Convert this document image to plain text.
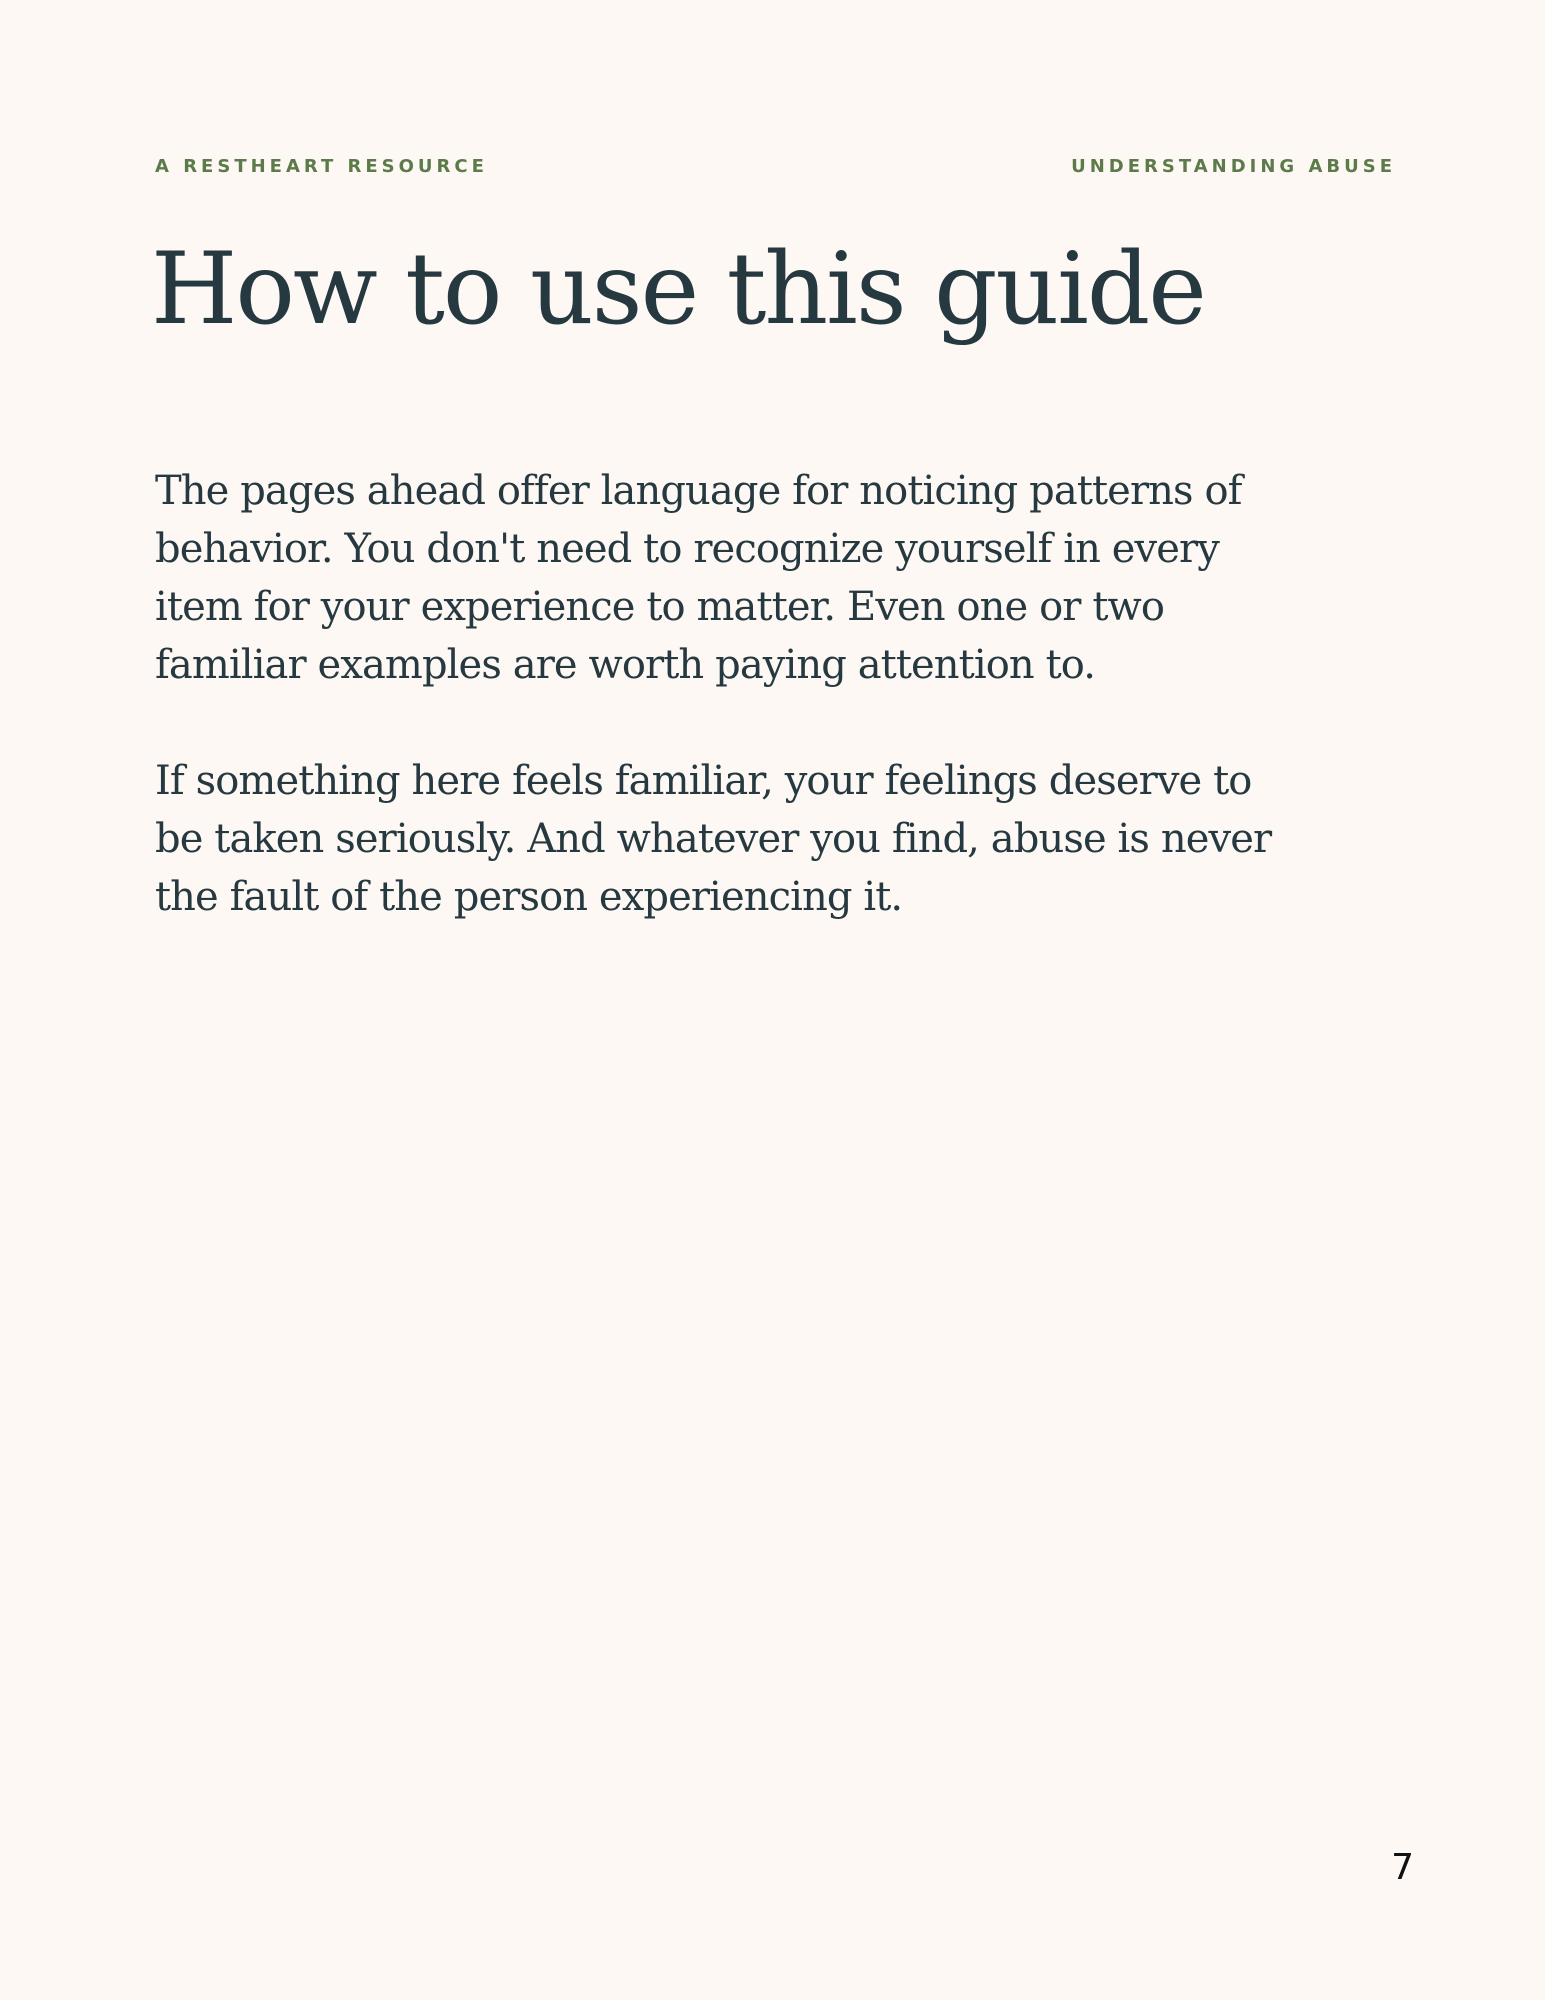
A RESTHEART RESOURCE	UNDERSTANDING ABUSE
How to use this guide

The pages ahead offer language for noticing patterns of
behavior. You don't need to recognize yourself in every
item for your experience to matter. Even one or two
familiar examples are worth paying attention to.

If something here feels familiar, your feelings deserve to
be taken seriously. And whatever you find, abuse is never
the fault of the person experiencing it.

7
